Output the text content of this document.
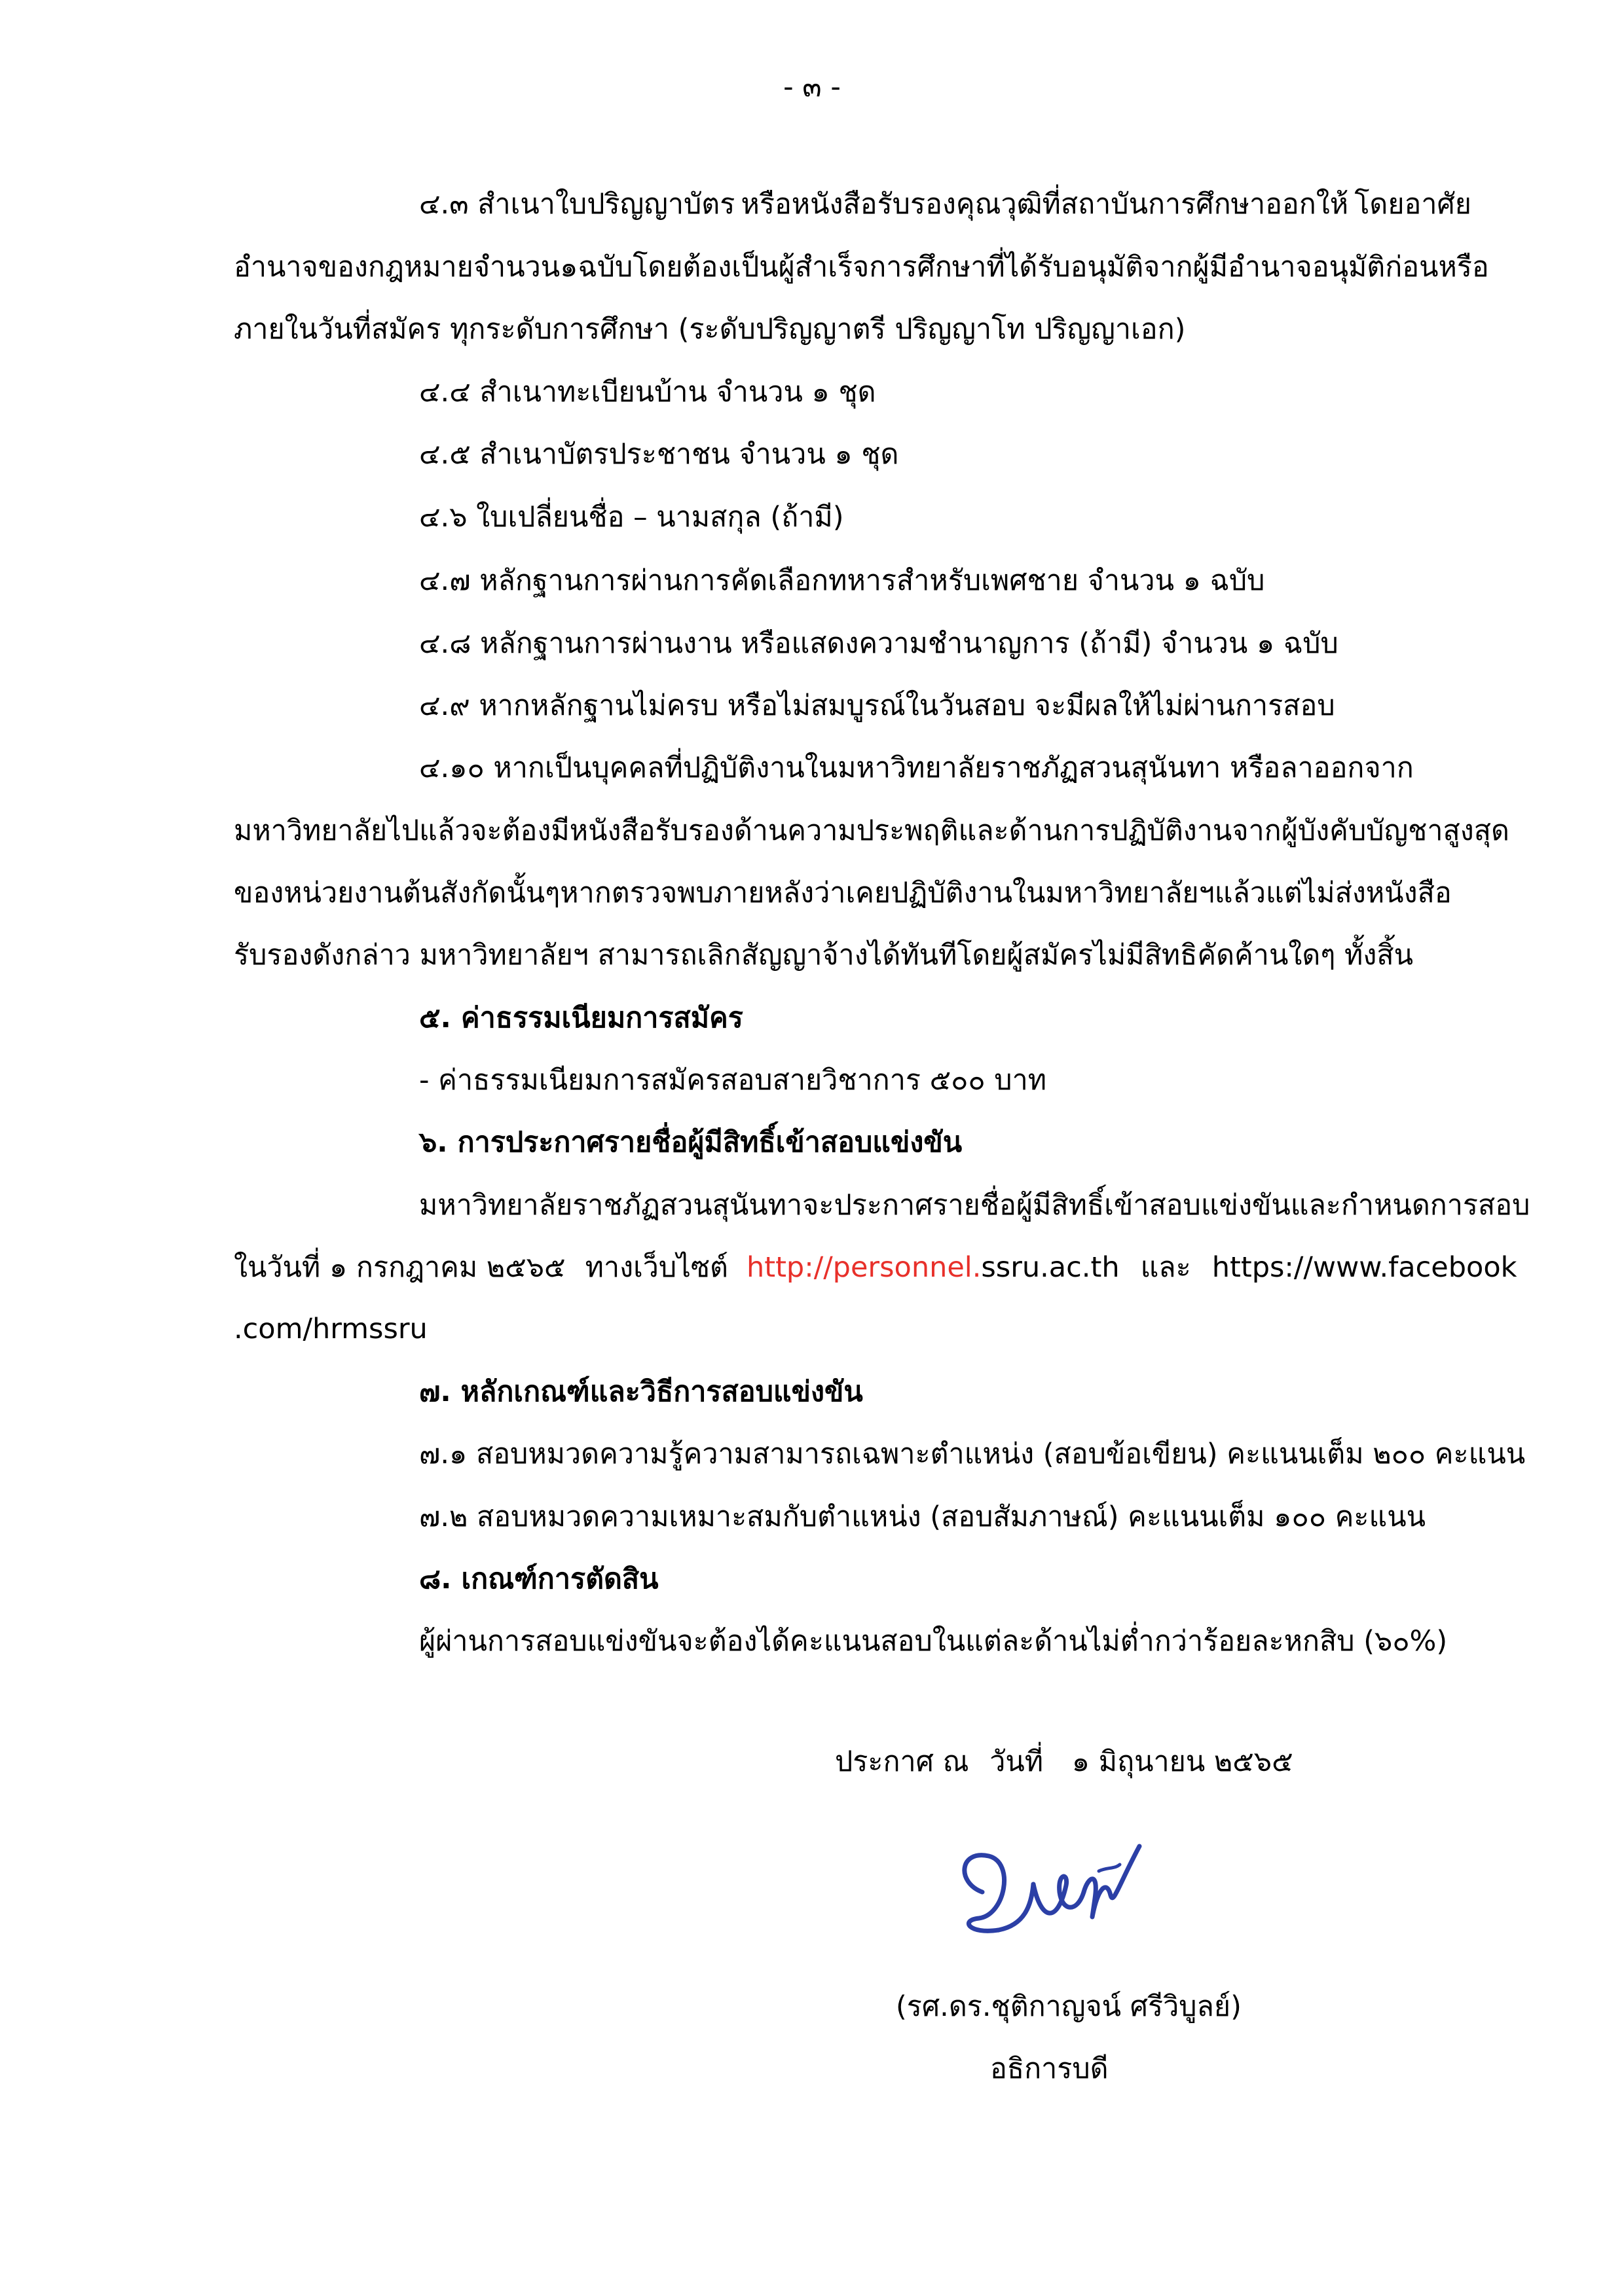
- ๓ -
๔.๓ สำเนาใบปริญญาบัตร หรือหนังสือรับรองคุณวุฒิที่สถาบันการศึกษาออกให้ โดยอาศัย
อำนาจของกฎหมาย จำนวน ๑ ฉบับ โดยต้องเป็นผู้สำเร็จการศึกษาที่ได้รับอนุมัติจากผู้มีอำนาจอนุมัติก่อนหรือ
ภายในวันที่สมัคร ทุกระดับการศึกษา (ระดับปริญญาตรี ปริญญาโท ปริญญาเอก)
๔.๔ สำเนาทะเบียนบ้าน จำนวน ๑ ชุด
๔.๕ สำเนาบัตรประชาชน จำนวน ๑ ชุด
๔.๖ ใบเปลี่ยนชื่อ – นามสกุล (ถ้ามี)
๔.๗ หลักฐานการผ่านการคัดเลือกทหารสำหรับเพศชาย จำนวน ๑ ฉบับ
๔.๘ หลักฐานการผ่านงาน หรือแสดงความชำนาญการ (ถ้ามี) จำนวน ๑ ฉบับ
๔.๙ หากหลักฐานไม่ครบ หรือไม่สมบูรณ์ในวันสอบ จะมีผลให้ไม่ผ่านการสอบ
๔.๑๐ หากเป็นบุคคลที่ปฏิบัติงานในมหาวิทยาลัยราชภัฏสวนสุนันทา หรือลาออกจาก
มหาวิทยาลัยไปแล้ว จะต้องมีหนังสือรับรองด้านความประพฤติและด้านการปฏิบัติงานจากผู้บังคับบัญชาสูงสุด
ของหน่วยงานต้นสังกัดนั้นๆ หากตรวจพบภายหลังว่าเคยปฏิบัติงานในมหาวิทยาลัยฯแล้ว แต่ไม่ส่งหนังสือ
รับรองดังกล่าว มหาวิทยาลัยฯ สามารถเลิกสัญญาจ้างได้ทันทีโดยผู้สมัครไม่มีสิทธิคัดค้านใดๆ ทั้งสิ้น
๕. ค่าธรรมเนียมการสมัคร
- ค่าธรรมเนียมการสมัครสอบสายวิชาการ ๕๐๐ บาท
๖. การประกาศรายชื่อผู้มีสิทธิ์เข้าสอบแข่งขัน
มหาวิทยาลัยราชภัฏสวนสุนันทาจะประกาศรายชื่อผู้มีสิทธิ์เข้าสอบแข่งขันและกำหนดการสอบ
ในวันที่ ๑ กรกฎาคม ๒๕๖๕ ทางเว็บไซต์ http://personnel.ssru.ac.th และ https://www.facebook
.com/hrmssru
๗. หลักเกณฑ์และวิธีการสอบแข่งขัน
๗.๑ สอบหมวดความรู้ความสามารถเฉพาะตำแหน่ง (สอบข้อเขียน) คะแนนเต็ม ๒๐๐ คะแนน
๗.๒ สอบหมวดความเหมาะสมกับตำแหน่ง (สอบสัมภาษณ์) คะแนนเต็ม ๑๐๐ คะแนน
๘. เกณฑ์การตัดสิน
ผู้ผ่านการสอบแข่งขันจะต้องได้คะแนนสอบในแต่ละด้านไม่ต่ำกว่าร้อยละหกสิบ (๖๐%)
ประกาศ ณ วันที่ ๑ มิถุนายน ๒๕๖๕
(รศ.ดร.ชุติกาญจน์ ศรีวิบูลย์)
อธิการบดี
